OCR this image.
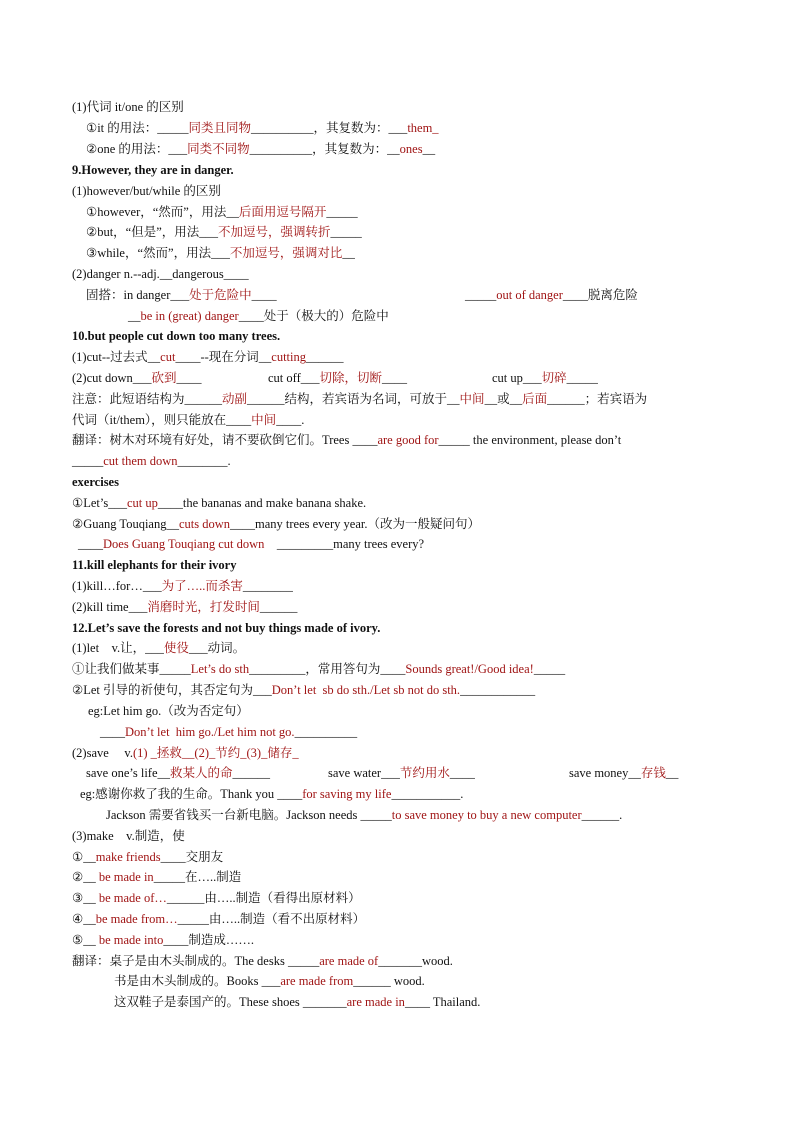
(1)代词 it/one 的区别
①it 的用法：_____同类且同物__________，其复数为：___them_
②one 的用法：___同类不同物__________，其复数为：__ones__
9.However, they are in danger.
(1)however/but/while 的区别
①however，“然而”，用法__后面用逗号隔开_____
②but，“但是”，用法___不加逗号，强调转折_____
③while，“然而”，用法___不加逗号，强调对比__
(2)danger n.--adj.__dangerous____
固搭：in danger___处于危险中____	_____out of danger____脱离危险
__be in (great) danger____处于（极大的）危险中
10.but people cut down too many trees.
(1)cut--过去式__cut____--现在分词__cutting______
(2)cut down___砍到____	cut off___切除，切断____	cut up___切碎_____
注意：此短语结构为______动副______结构，若宾语为名词，可放于__中间__或__后面______；若宾语为
代词（it/them），则只能放在____中间____.
翻译：树木对环境有好处，请不要砍倒它们。Trees ____are good for_____ the environment, please don’t
_____cut them down________.
exercises
①Let’s___cut up____the bananas and make banana shake.
②Guang Touqiang__cuts down____many trees every year.（改为一般疑问句）
____Does Guang Touqiang cut down    _________many trees every?
11.kill elephants for their ivory
(1)kill…for…___为了…..而杀害________
(2)kill time___消磨时光，打发时间______
12.Let’s save the forests and not buy things made of ivory.
(1)let    v.让，___使役___动词。
①让我们做某事_____Let’s do sth_________，常用答句为____Sounds great!/Good idea!_____
②Let 引导的祈使句，其否定句为___Don’t let  sb do sth./Let sb not do sth.____________
eg:Let him go.（改为否定句）
____Don’t let  him go./Let him not go.__________
(2)save     v.(1) _拯救__(2)_节约_(3)_储存_
save one’s life__救某人的命______	save water___节约用水____	save money__存钱__
eg:感谢你救了我的生命。Thank you ____for saving my life___________.
Jackson 需要省钱买一台新电脑。Jackson needs _____to save money to buy a new computer______.
(3)make    v.制造，使
①__make friends____交朋友
②__ be made in_____在…..制造
③__ be made of…______由…..制造（看得出原材料）
④__be made from…_____由…..制造（看不出原材料）
⑤__ be made into____制造成…….
翻译：桌子是由木头制成的。The desks _____are made of_______wood.
书是由木头制成的。Books ___are made from______ wood.
这双鞋子是泰国产的。These shoes _______are made in____ Thailand.
